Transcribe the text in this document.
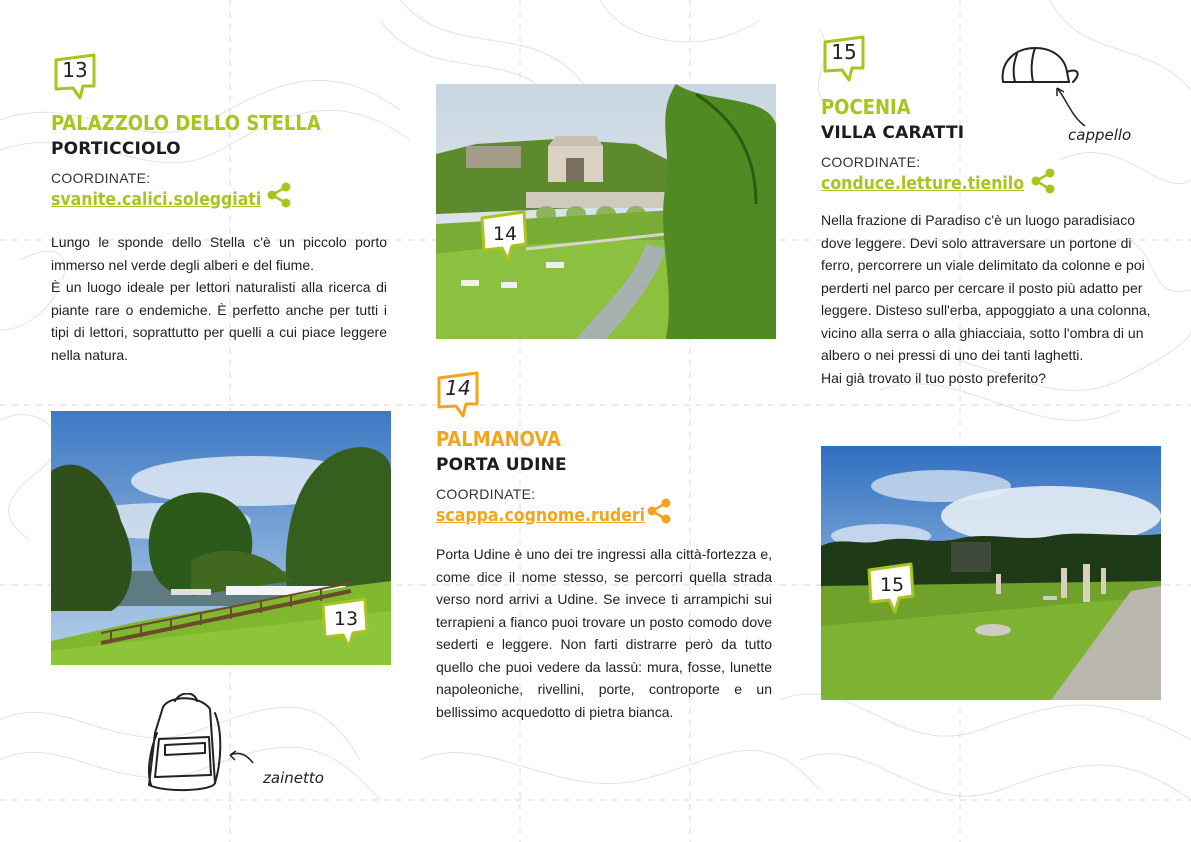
13
PALAZZOLO DELLO STELLA
PORTICCIOLO
COORDINATE:
svanite.calici.soleggiati

Lungo le sponde dello Stella c'è un piccolo porto immerso nel verde degli alberi e del fiume.

È un luogo ideale per lettori naturalisti alla ricerca di piante rare o endemiche. È perfetto anche per tutti i tipi di lettori, soprattutto per quelli a cui piace leggere nella natura.

13
zainetto
14
14
PALMANOVA
PORTA UDINE
COORDINATE:
scappa.cognome.ruderi

Porta Udine è uno dei tre ingressi alla città-fortezza e, come dice il nome stesso, se percorri quella strada verso nord arrivi a Udine. Se invece ti arrampichi sui terrapieni a fianco puoi trovare un posto comodo dove sederti e leggere. Non farti distrarre però da tutto quello che puoi vedere da lassù: mura, fosse, lunette napoleoniche, rivellini, porte, controporte e un bellissimo acquedotto di pietra bianca.

15
cappello
POCENIA
VILLA CARATTI
COORDINATE:
conduce.letture.tienilo

Nella frazione di Paradiso c'è un luogo paradisiaco dove leggere. Devi solo attraversare un portone di ferro, percorrere un viale delimitato da colonne e poi perderti nel parco per cercare il posto più adatto per leggere. Disteso sull'erba, appoggiato a una colonna, vicino alla serra o alla ghiacciaia, sotto l'ombra di un albero o nei pressi di uno dei tanti laghetti.

Hai già trovato il tuo posto preferito?

15
